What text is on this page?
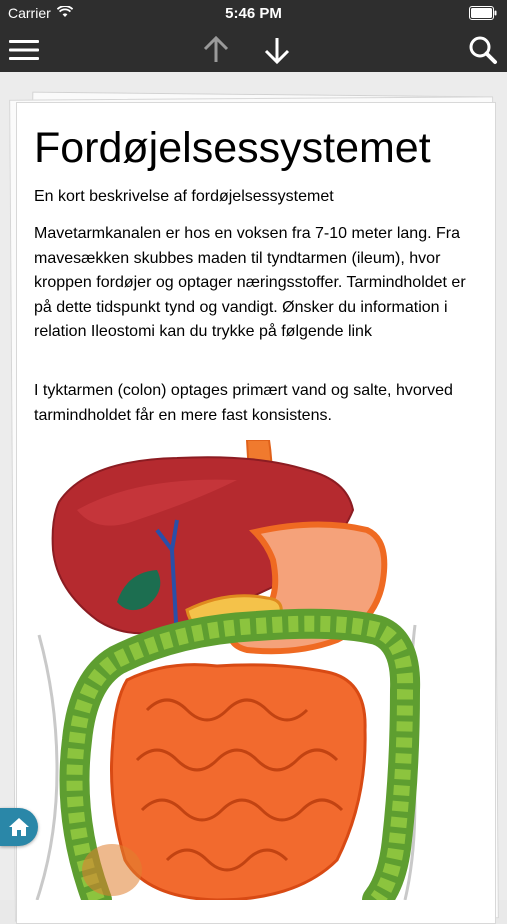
Carrier	5:46 PM
Fordøjelsessystemet

En kort beskrivelse af fordøjelsessystemet

Mavetarmkanalen er hos en voksen fra 7-10 meter lang. Fra mavesækken skubbes maden til tyndtarmen (ileum), hvor kroppen fordøjer og optager næringsstoffer. Tarmindholdet er på dette tidspunkt tynd og vandigt. Ønsker du information i relation Ileostomi kan du trykke på følgende link

I tyktarmen (colon) optages primært vand og salte, hvorved tarmindholdet får en mere fast konsistens.
